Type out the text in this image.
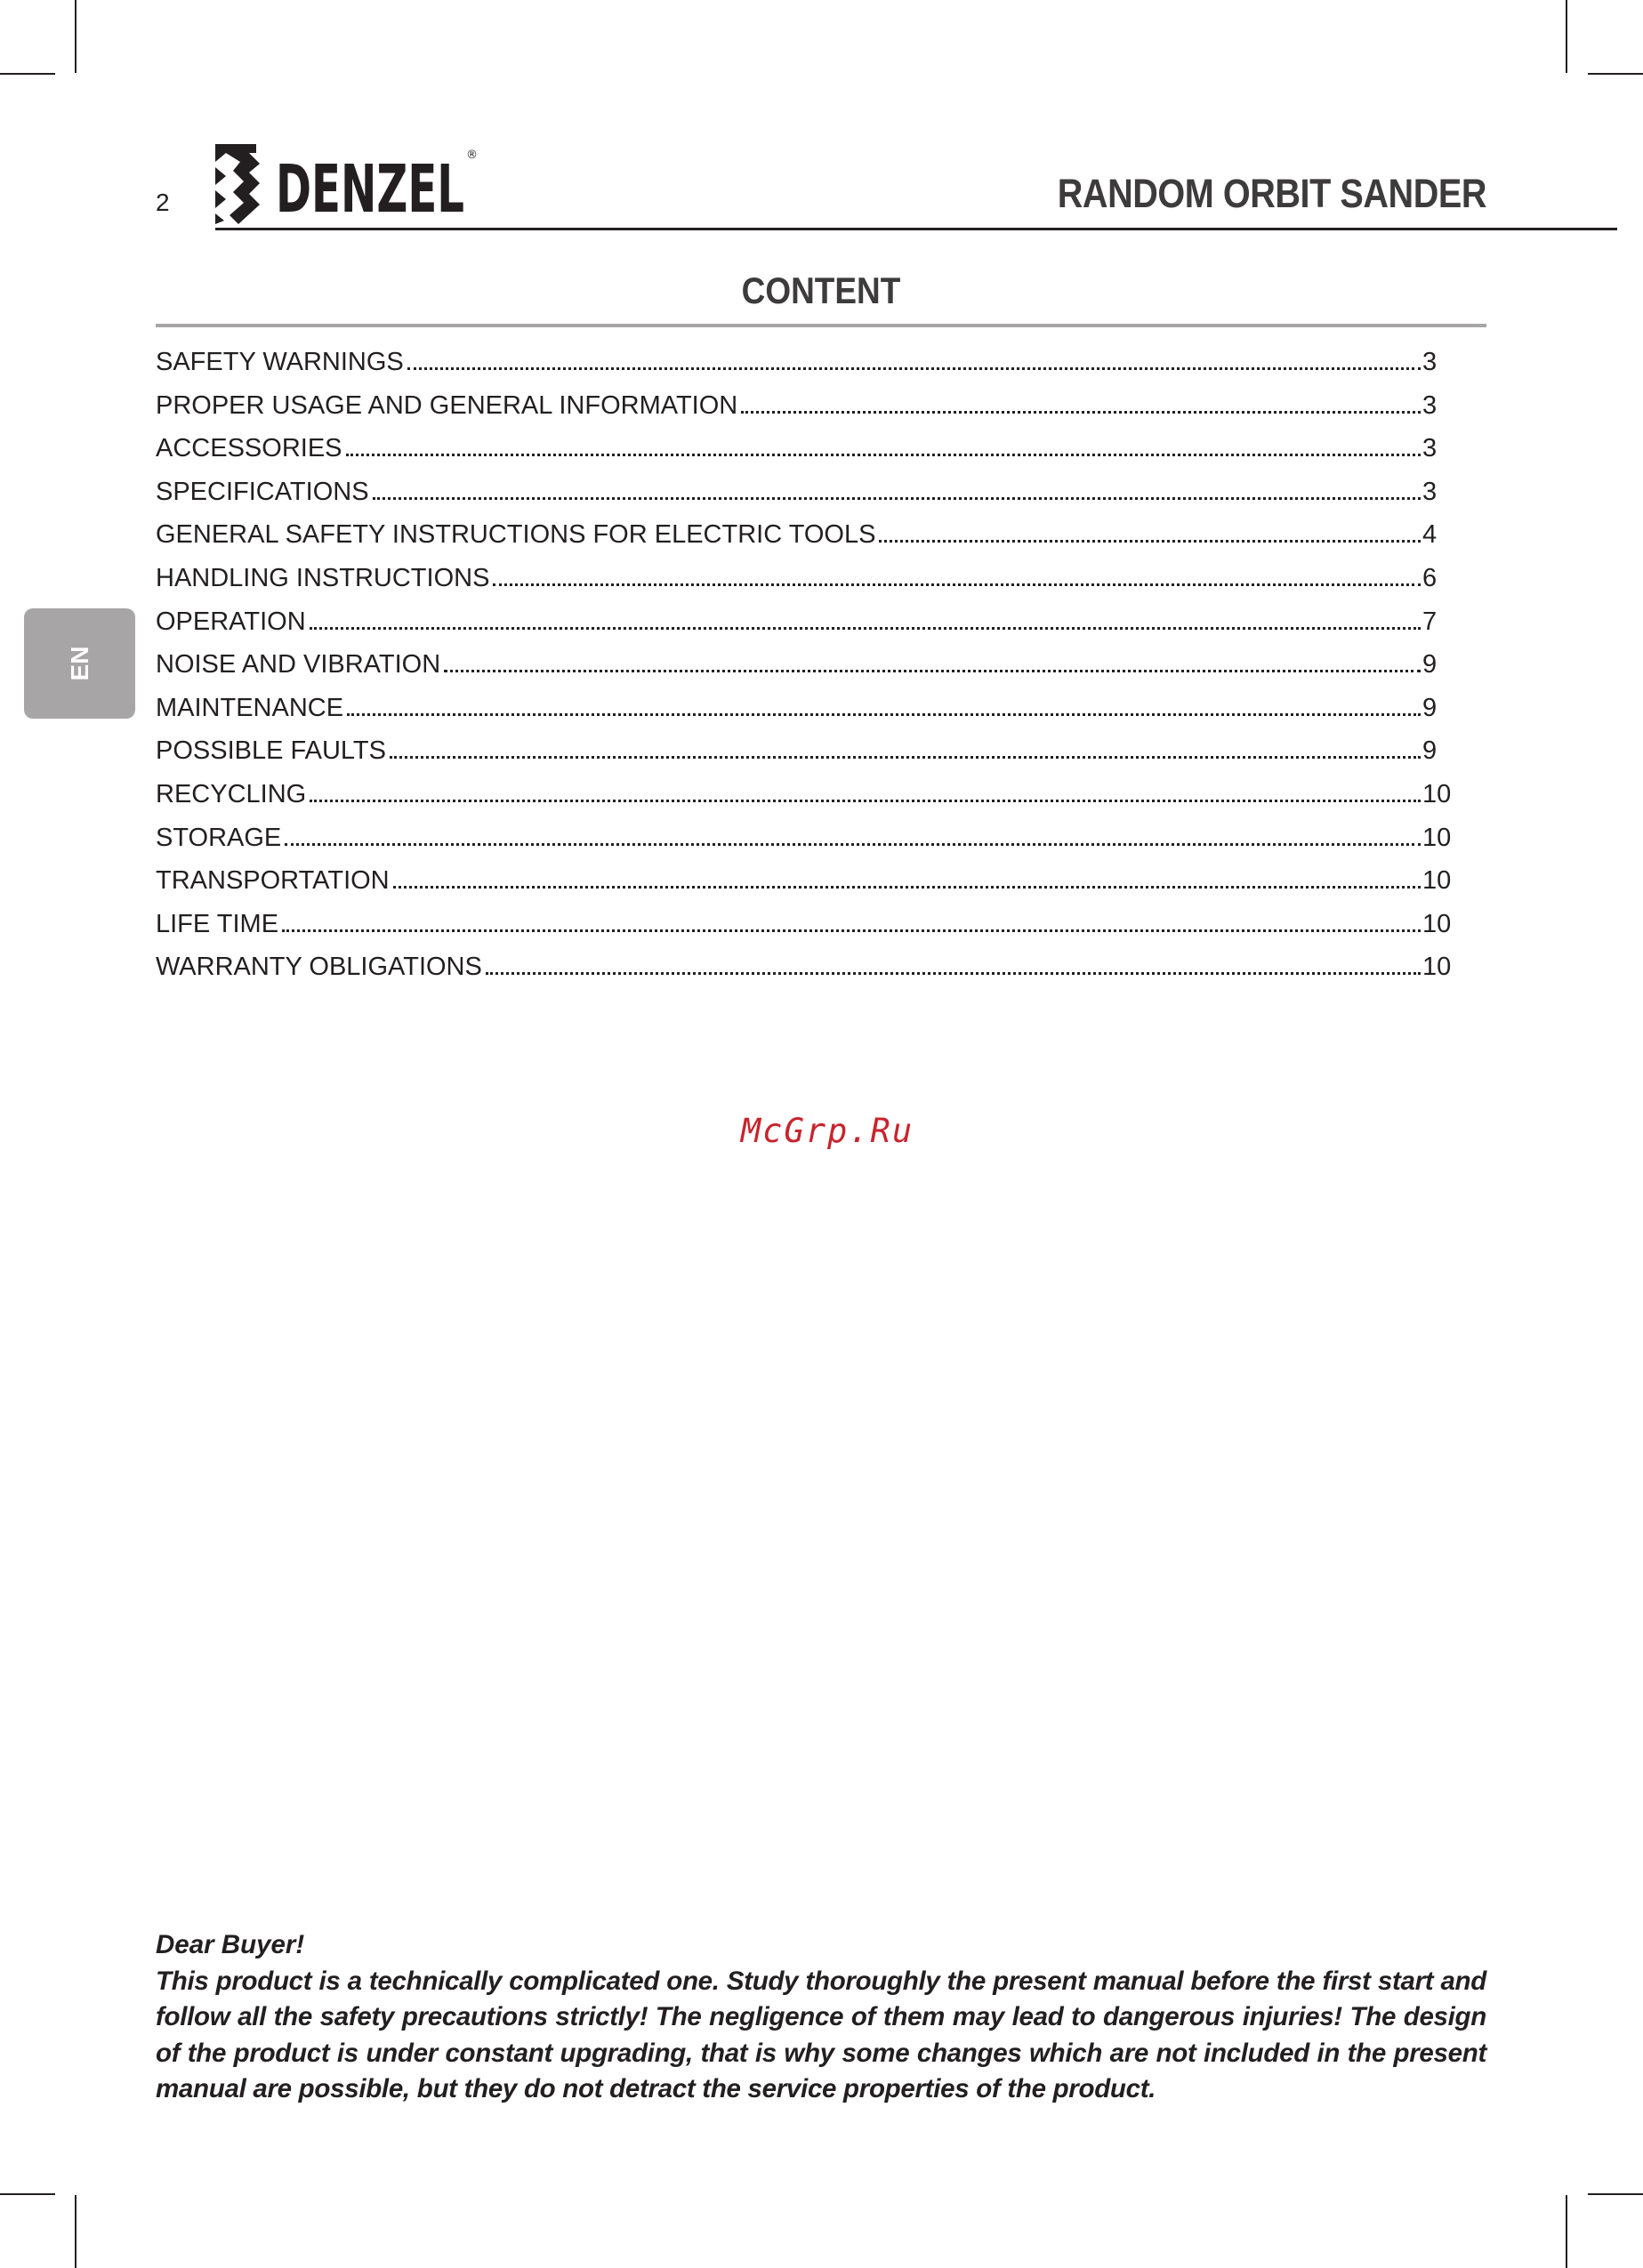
2 DENZEL ®
RANDOM ORBIT SANDER
CONTENT
SAFETY WARNINGS	3
PROPER USAGE AND GENERAL INFORMATION	3
ACCESSORIES	3
SPECIFICATIONS	3
GENERAL SAFETY INSTRUCTIONS FOR ELECTRIC TOOLS	4
HANDLING INSTRUCTIONS	6
OPERATION	7
NOISE AND VIBRATION	9
MAINTENANCE	9
POSSIBLE FAULTS	9
RECYCLING	10
STORAGE	10
TRANSPORTATION	10
LIFE TIME	10
WARRANTY OBLIGATIONS	10
EN
McGrp.Ru

Dear Buyer!

This product is a technically complicated one. Study thoroughly the present manual before the first start and follow all the safety precautions strictly! The negligence of them may lead to dangerous injuries! The design of the product is under constant upgrading, that is why some changes which are not included in the present manual are possible, but they do not detract the service properties of the product.
